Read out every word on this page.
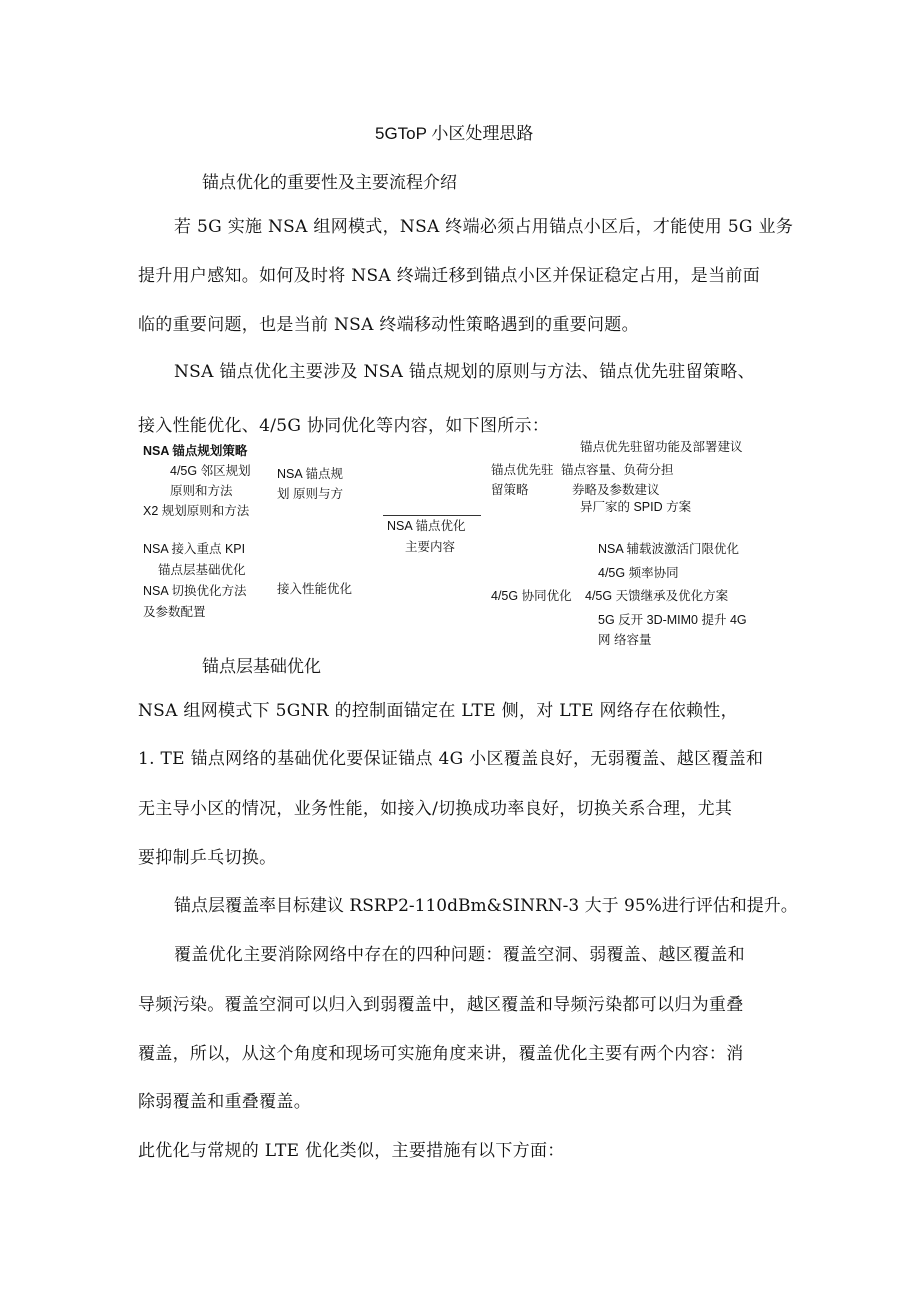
5GToP 小区处理思路
锚点优化的重要性及主要流程介绍
若 5G 实施 NSA 组网模式，NSA 终端必须占用锚点小区后，才能使用 5G 业务
提升用户感知。如何及时将 NSA 终端迁移到锚点小区并保证稳定占用，是当前面
临的重要问题，也是当前 NSA 终端移动性策略遇到的重要问题。
NSA 锚点优化主要涉及 NSA 锚点规划的原则与方法、锚点优先驻留策略、
接入性能优化、4/5G 协同优化等内容，如下图所示：
NSA 锚点规划策略
4/5G 邻区规划
原则和方法
X2 规划原则和方法
NSA 锚点规
划 原则与方
NSA 接入重点 KPI
锚点层基础优化
NSA 切换优化方法
及参数配置
接入性能优化
NSA 锚点优化
主要内容
锚点优先驻留功能及部署建议
锚点优先驻
留策略
锚点容量、负荷分担
券略及参数建议
异厂家的 SPID 方案
NSA 辅载波激活门限优化
4/5G 频率协同
4/5G 协同优化 4/5G 天馈继承及优化方案
5G 反开 3D-MIM0 提升 4G
网 络容量
锚点层基础优化
NSA 组网模式下 5GNR 的控制面锚定在 LTE 侧，对 LTE 网络存在依赖性，
1. TE 锚点网络的基础优化要保证锚点 4G 小区覆盖良好，无弱覆盖、越区覆盖和
无主导小区的情况，业务性能，如接入/切换成功率良好，切换关系合理，尤其
要抑制乒乓切换。
锚点层覆盖率目标建议 RSRP2-110dBm&SINRN-3 大于 95%进行评估和提升。
覆盖优化主要消除网络中存在的四种问题：覆盖空洞、弱覆盖、越区覆盖和
导频污染。覆盖空洞可以归入到弱覆盖中，越区覆盖和导频污染都可以归为重叠
覆盖，所以，从这个角度和现场可实施角度来讲，覆盖优化主要有两个内容：消
除弱覆盖和重叠覆盖。
此优化与常规的 LTE 优化类似，主要措施有以下方面：
